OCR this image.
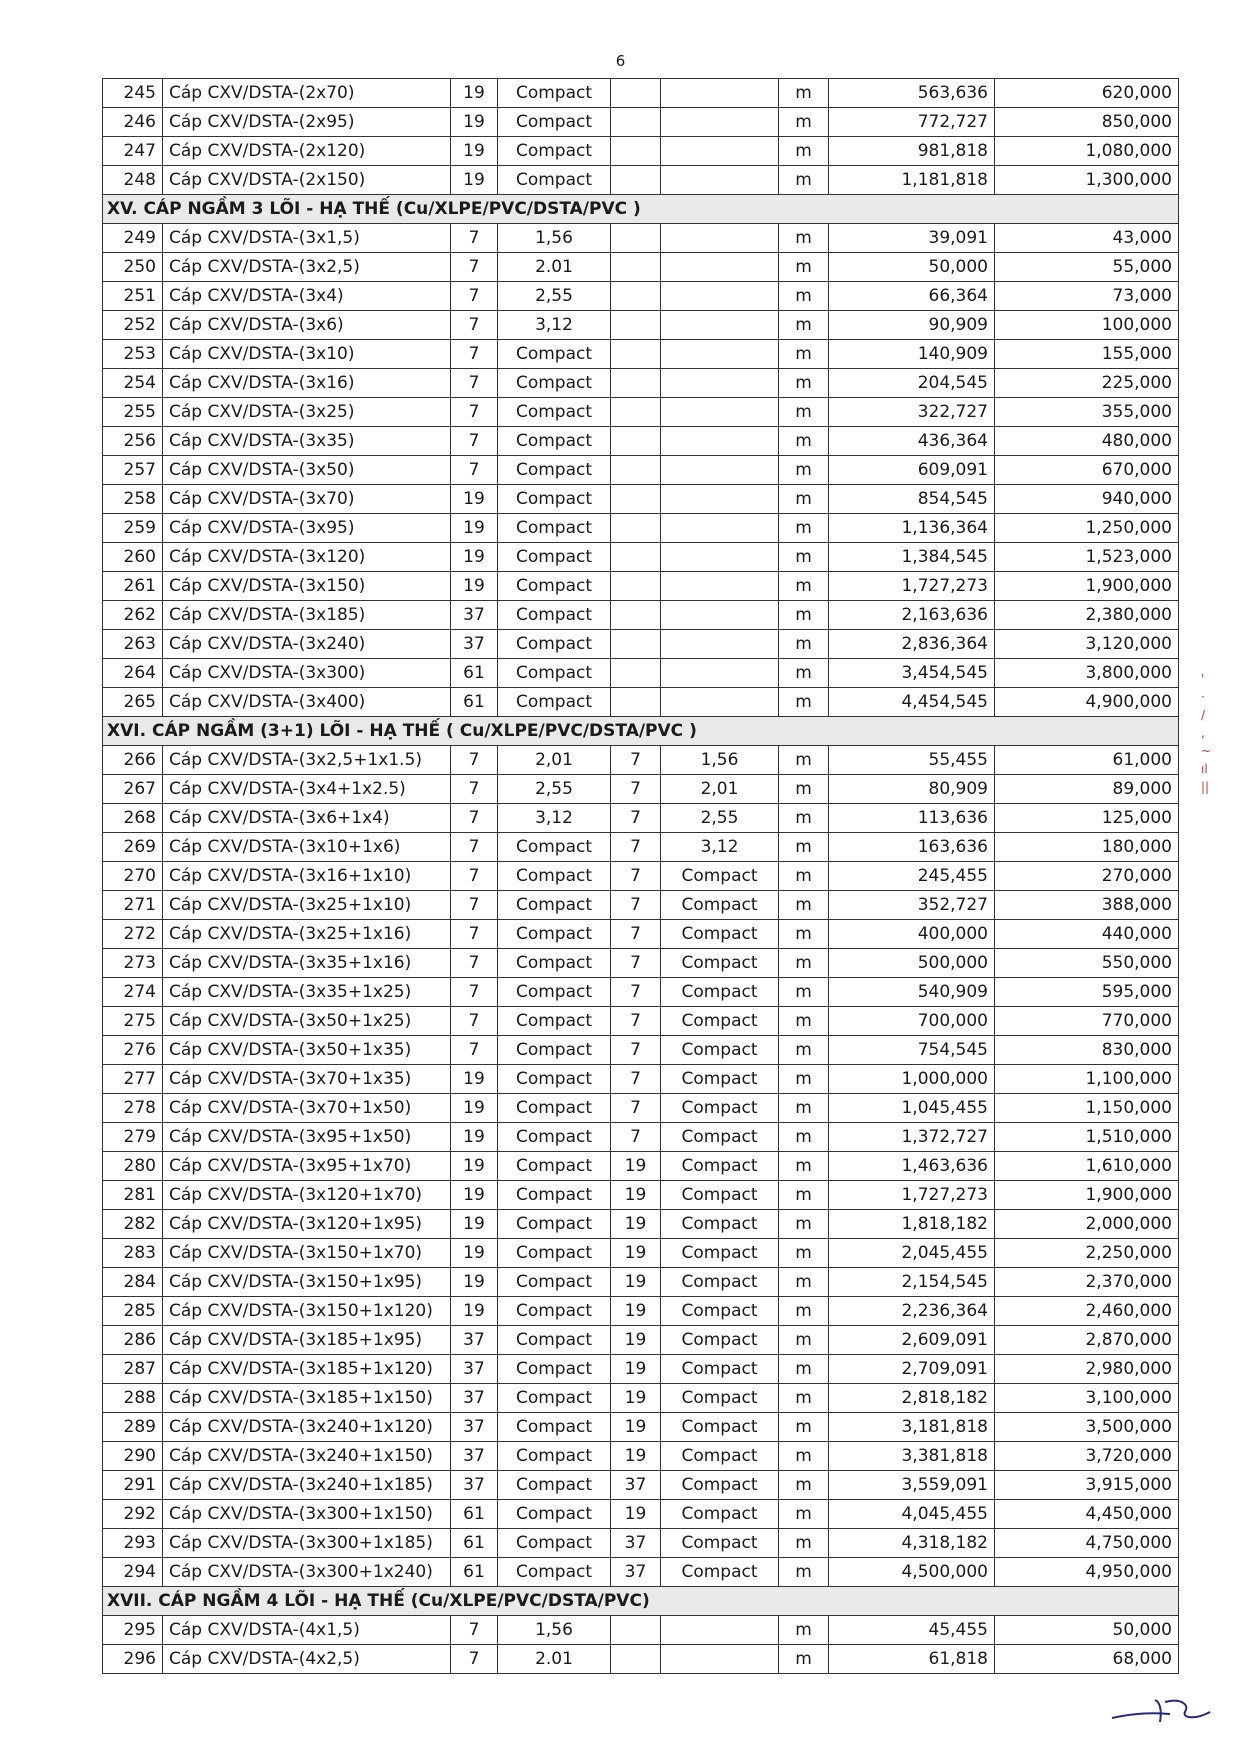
6
245	Cáp CXV/DSTA-(2x70)	19	Compact			m	563,636	620,000
246	Cáp CXV/DSTA-(2x95)	19	Compact			m	772,727	850,000
247	Cáp CXV/DSTA-(2x120)	19	Compact			m	981,818	1,080,000
248	Cáp CXV/DSTA-(2x150)	19	Compact			m	1,181,818	1,300,000
XV. CÁP NGẦM 3 LÕI - HẠ THẾ (Cu/XLPE/PVC/DSTA/PVC )								
249	Cáp CXV/DSTA-(3x1,5)	7	1,56			m	39,091	43,000
250	Cáp CXV/DSTA-(3x2,5)	7	2.01			m	50,000	55,000
251	Cáp CXV/DSTA-(3x4)	7	2,55			m	66,364	73,000
252	Cáp CXV/DSTA-(3x6)	7	3,12			m	90,909	100,000
253	Cáp CXV/DSTA-(3x10)	7	Compact			m	140,909	155,000
254	Cáp CXV/DSTA-(3x16)	7	Compact			m	204,545	225,000
255	Cáp CXV/DSTA-(3x25)	7	Compact			m	322,727	355,000
256	Cáp CXV/DSTA-(3x35)	7	Compact			m	436,364	480,000
257	Cáp CXV/DSTA-(3x50)	7	Compact			m	609,091	670,000
258	Cáp CXV/DSTA-(3x70)	19	Compact			m	854,545	940,000
259	Cáp CXV/DSTA-(3x95)	19	Compact			m	1,136,364	1,250,000
260	Cáp CXV/DSTA-(3x120)	19	Compact			m	1,384,545	1,523,000
261	Cáp CXV/DSTA-(3x150)	19	Compact			m	1,727,273	1,900,000
262	Cáp CXV/DSTA-(3x185)	37	Compact			m	2,163,636	2,380,000
263	Cáp CXV/DSTA-(3x240)	37	Compact			m	2,836,364	3,120,000
264	Cáp CXV/DSTA-(3x300)	61	Compact			m	3,454,545	3,800,000
265	Cáp CXV/DSTA-(3x400)	61	Compact			m	4,454,545	4,900,000
XVI. CÁP NGẦM (3+1) LÕI - HẠ THẾ ( Cu/XLPE/PVC/DSTA/PVC )								
266	Cáp CXV/DSTA-(3x2,5+1x1.5)	7	2,01	7	1,56	m	55,455	61,000
267	Cáp CXV/DSTA-(3x4+1x2.5)	7	2,55	7	2,01	m	80,909	89,000
268	Cáp CXV/DSTA-(3x6+1x4)	7	3,12	7	2,55	m	113,636	125,000
269	Cáp CXV/DSTA-(3x10+1x6)	7	Compact	7	3,12	m	163,636	180,000
270	Cáp CXV/DSTA-(3x16+1x10)	7	Compact	7	Compact	m	245,455	270,000
271	Cáp CXV/DSTA-(3x25+1x10)	7	Compact	7	Compact	m	352,727	388,000
272	Cáp CXV/DSTA-(3x25+1x16)	7	Compact	7	Compact	m	400,000	440,000
273	Cáp CXV/DSTA-(3x35+1x16)	7	Compact	7	Compact	m	500,000	550,000
274	Cáp CXV/DSTA-(3x35+1x25)	7	Compact	7	Compact	m	540,909	595,000
275	Cáp CXV/DSTA-(3x50+1x25)	7	Compact	7	Compact	m	700,000	770,000
276	Cáp CXV/DSTA-(3x50+1x35)	7	Compact	7	Compact	m	754,545	830,000
277	Cáp CXV/DSTA-(3x70+1x35)	19	Compact	7	Compact	m	1,000,000	1,100,000
278	Cáp CXV/DSTA-(3x70+1x50)	19	Compact	7	Compact	m	1,045,455	1,150,000
279	Cáp CXV/DSTA-(3x95+1x50)	19	Compact	7	Compact	m	1,372,727	1,510,000
280	Cáp CXV/DSTA-(3x95+1x70)	19	Compact	19	Compact	m	1,463,636	1,610,000
281	Cáp CXV/DSTA-(3x120+1x70)	19	Compact	19	Compact	m	1,727,273	1,900,000
282	Cáp CXV/DSTA-(3x120+1x95)	19	Compact	19	Compact	m	1,818,182	2,000,000
283	Cáp CXV/DSTA-(3x150+1x70)	19	Compact	19	Compact	m	2,045,455	2,250,000
284	Cáp CXV/DSTA-(3x150+1x95)	19	Compact	19	Compact	m	2,154,545	2,370,000
285	Cáp CXV/DSTA-(3x150+1x120)	19	Compact	19	Compact	m	2,236,364	2,460,000
286	Cáp CXV/DSTA-(3x185+1x95)	37	Compact	19	Compact	m	2,609,091	2,870,000
287	Cáp CXV/DSTA-(3x185+1x120)	37	Compact	19	Compact	m	2,709,091	2,980,000
288	Cáp CXV/DSTA-(3x185+1x150)	37	Compact	19	Compact	m	2,818,182	3,100,000
289	Cáp CXV/DSTA-(3x240+1x120)	37	Compact	19	Compact	m	3,181,818	3,500,000
290	Cáp CXV/DSTA-(3x240+1x150)	37	Compact	19	Compact	m	3,381,818	3,720,000
291	Cáp CXV/DSTA-(3x240+1x185)	37	Compact	37	Compact	m	3,559,091	3,915,000
292	Cáp CXV/DSTA-(3x300+1x150)	61	Compact	19	Compact	m	4,045,455	4,450,000
293	Cáp CXV/DSTA-(3x300+1x185)	61	Compact	37	Compact	m	4,318,182	4,750,000
294	Cáp CXV/DSTA-(3x300+1x240)	61	Compact	37	Compact	m	4,500,000	4,950,000
XVII. CÁP NGẦM 4 LÕI - HẠ THẾ (Cu/XLPE/PVC/DSTA/PVC)								
295	Cáp CXV/DSTA-(4x1,5)	7	1,56			m	45,455	50,000
296	Cáp CXV/DSTA-(4x2,5)	7	2.01			m	61,818	68,000
'
·
/
,
~
ıl
||
